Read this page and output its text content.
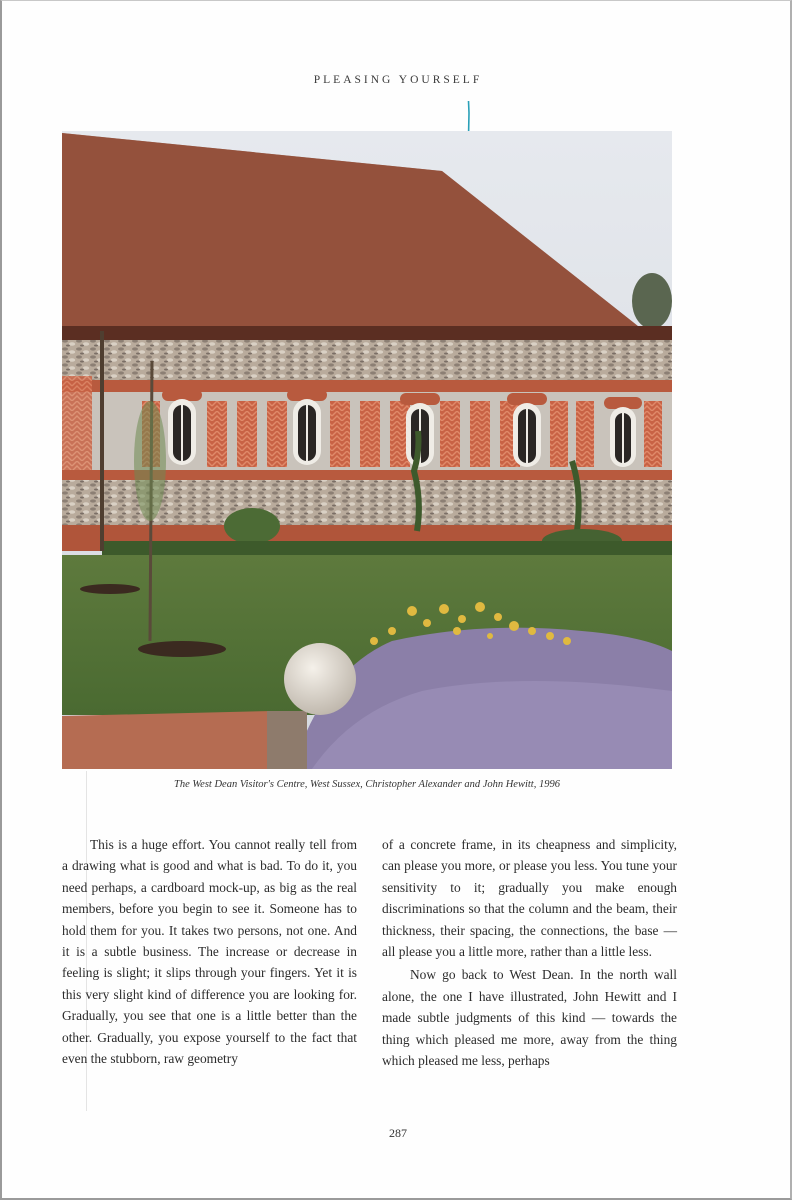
PLEASING YOURSELF
The West Dean Visitor's Centre, West Sussex, Christopher Alexander and John Hewitt, 1996

This is a huge effort. You cannot really tell from a drawing what is good and what is bad. To do it, you need perhaps, a cardboard mock-up, as big as the real members, before you begin to see it. Someone has to hold them for you. It takes two persons, not one. And it is a subtle business. The increase or decrease in feeling is slight; it slips through your fingers. Yet it is this very slight kind of difference you are looking for. Gradually, you see that one is a little better than the other. Gradually, you expose yourself to the fact that even the stubborn, raw geometry

of a concrete frame, in its cheapness and simplicity, can please you more, or please you less. You tune your sensitivity to it; gradually you make enough discriminations so that the column and the beam, their thickness, their spacing, the connections, the base — all please you a little more, rather than a little less.

Now go back to West Dean. In the north wall alone, the one I have illustrated, John Hewitt and I made subtle judgments of this kind — towards the thing which pleased me more, away from the thing which pleased me less, perhaps

287
